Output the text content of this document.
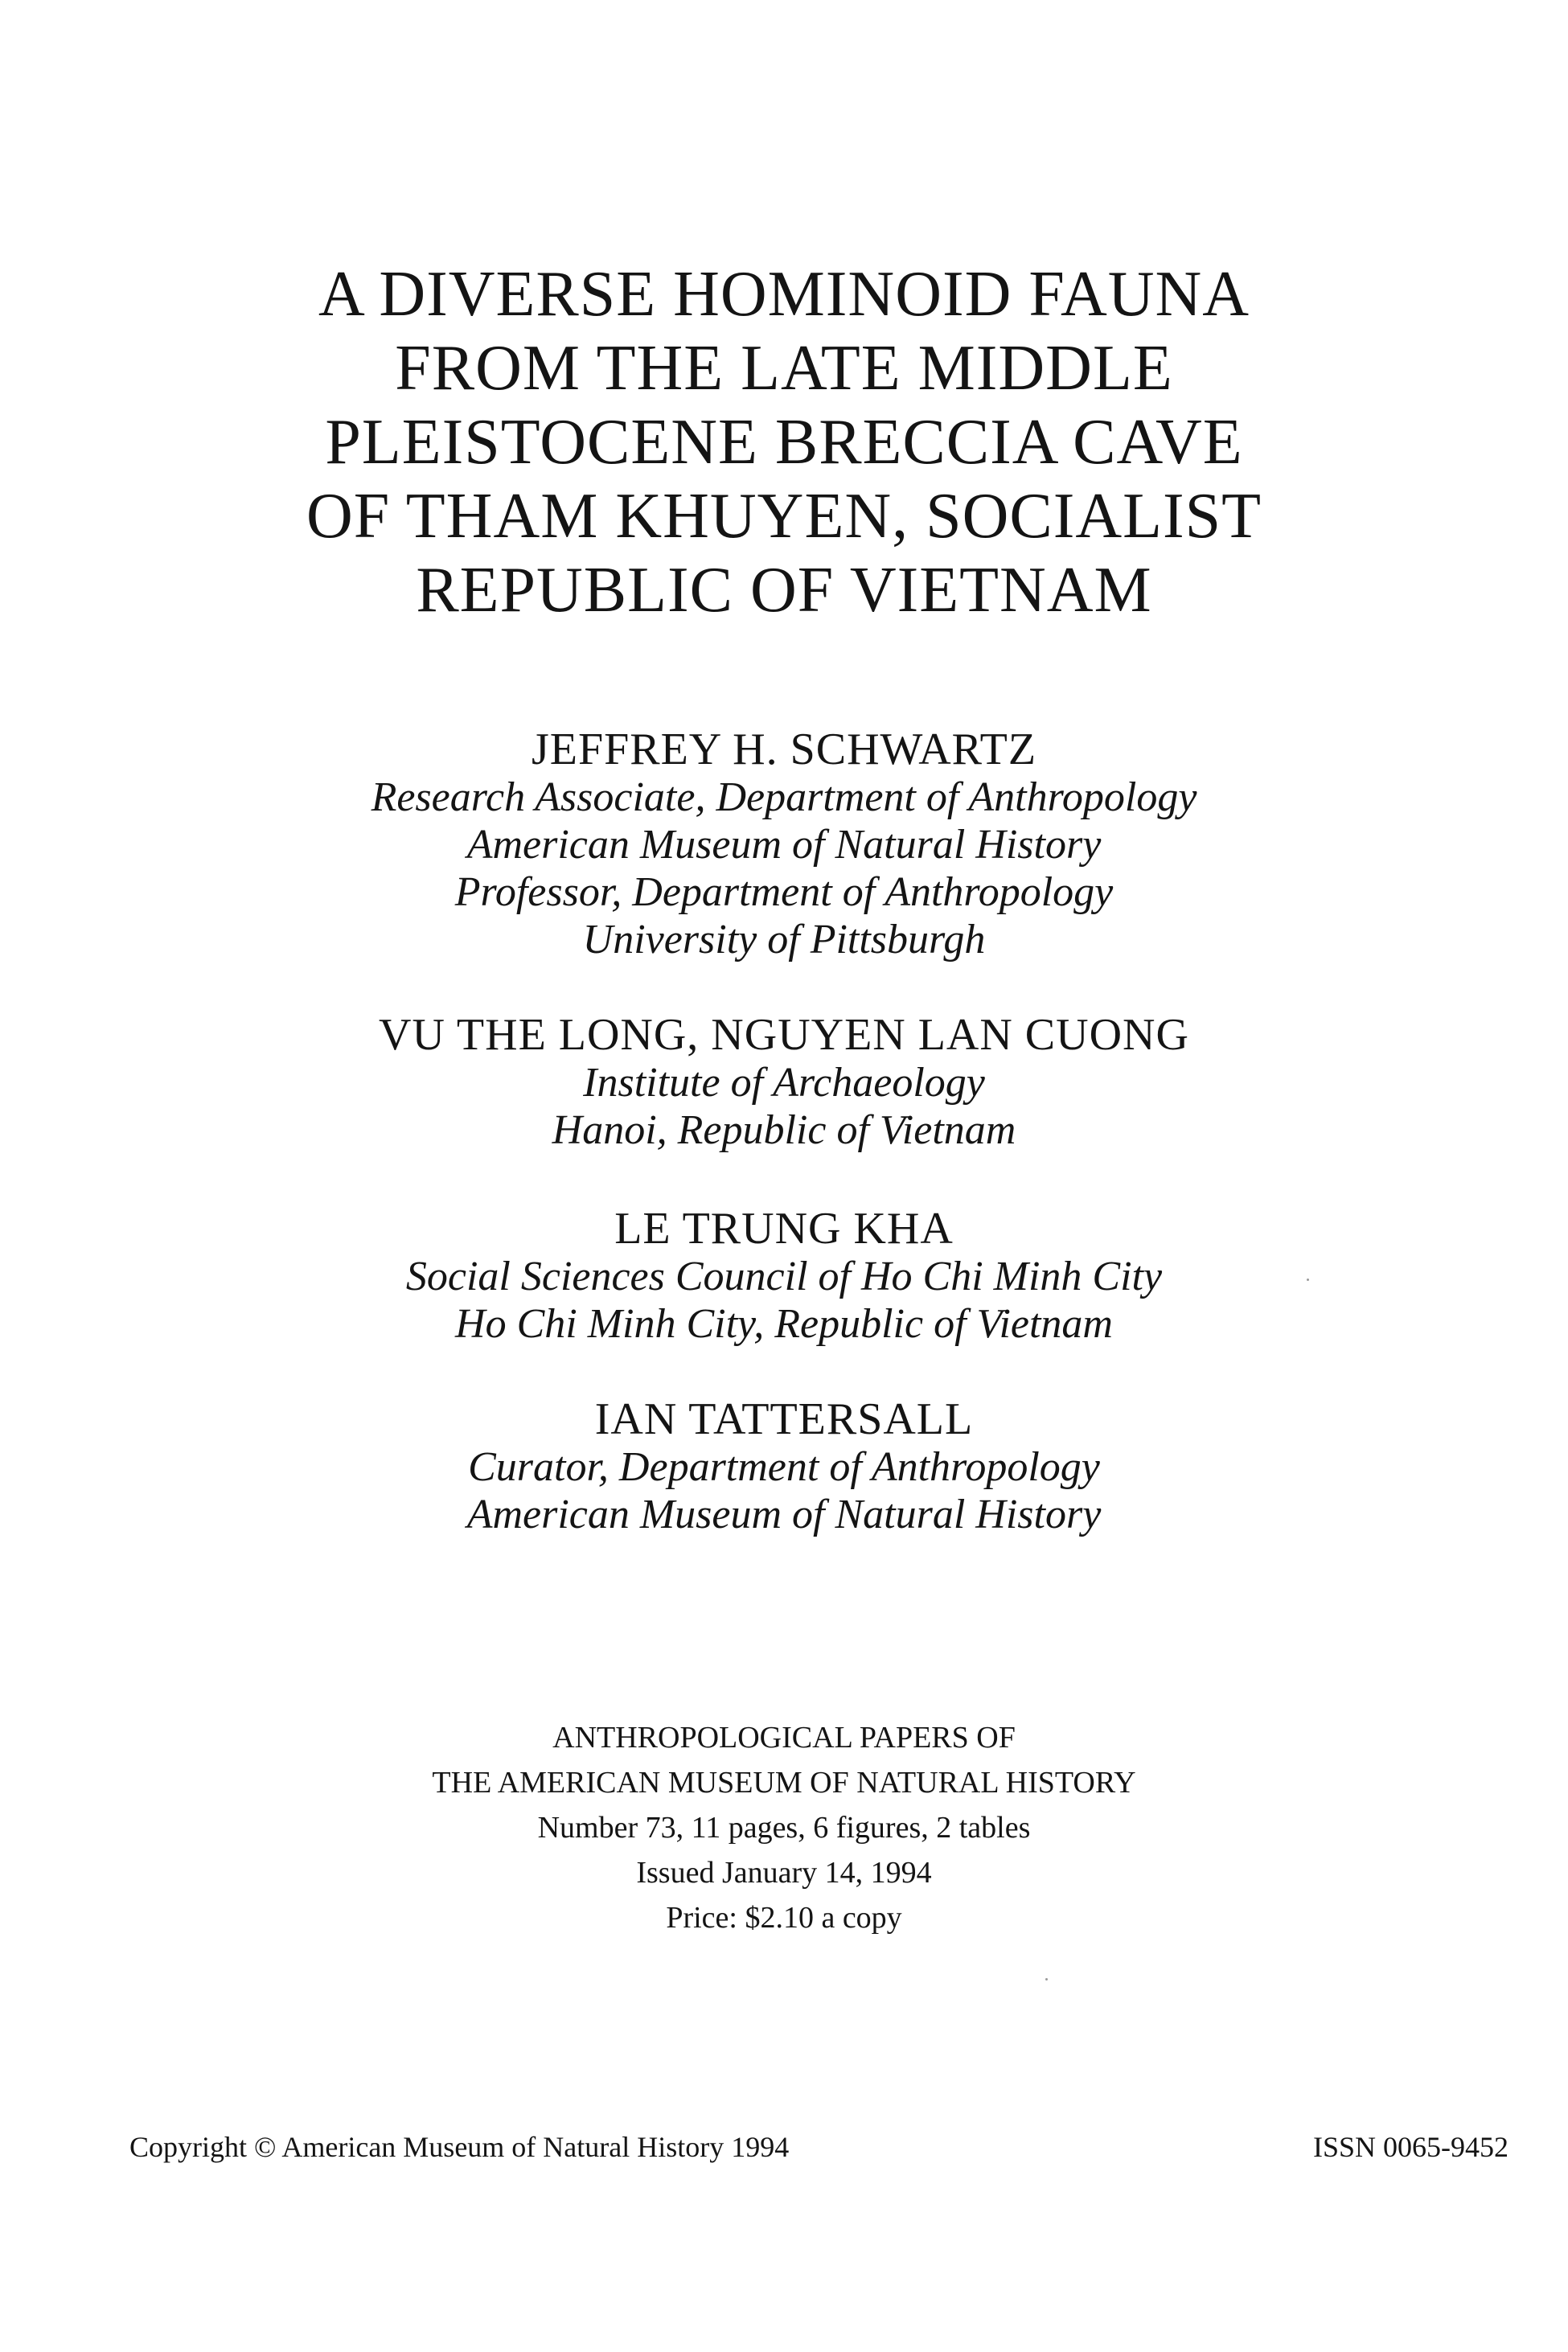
A DIVERSE HOMINOID FAUNA
FROM THE LATE MIDDLE
PLEISTOCENE BRECCIA CAVE
OF THAM KHUYEN, SOCIALIST
REPUBLIC OF VIETNAM
JEFFREY H. SCHWARTZ
Research Associate, Department of Anthropology
American Museum of Natural History
Professor, Department of Anthropology
University of Pittsburgh
VU THE LONG, NGUYEN LAN CUONG
Institute of Archaeology
Hanoi, Republic of Vietnam
LE TRUNG KHA
Social Sciences Council of Ho Chi Minh City
Ho Chi Minh City, Republic of Vietnam
IAN TATTERSALL
Curator, Department of Anthropology
American Museum of Natural History
ANTHROPOLOGICAL PAPERS OF
THE AMERICAN MUSEUM OF NATURAL HISTORY
Number 73, 11 pages, 6 figures, 2 tables
Issued January 14, 1994
Price: $2.10 a copy
Copyright © American Museum of Natural History 1994	ISSN 0065-9452
